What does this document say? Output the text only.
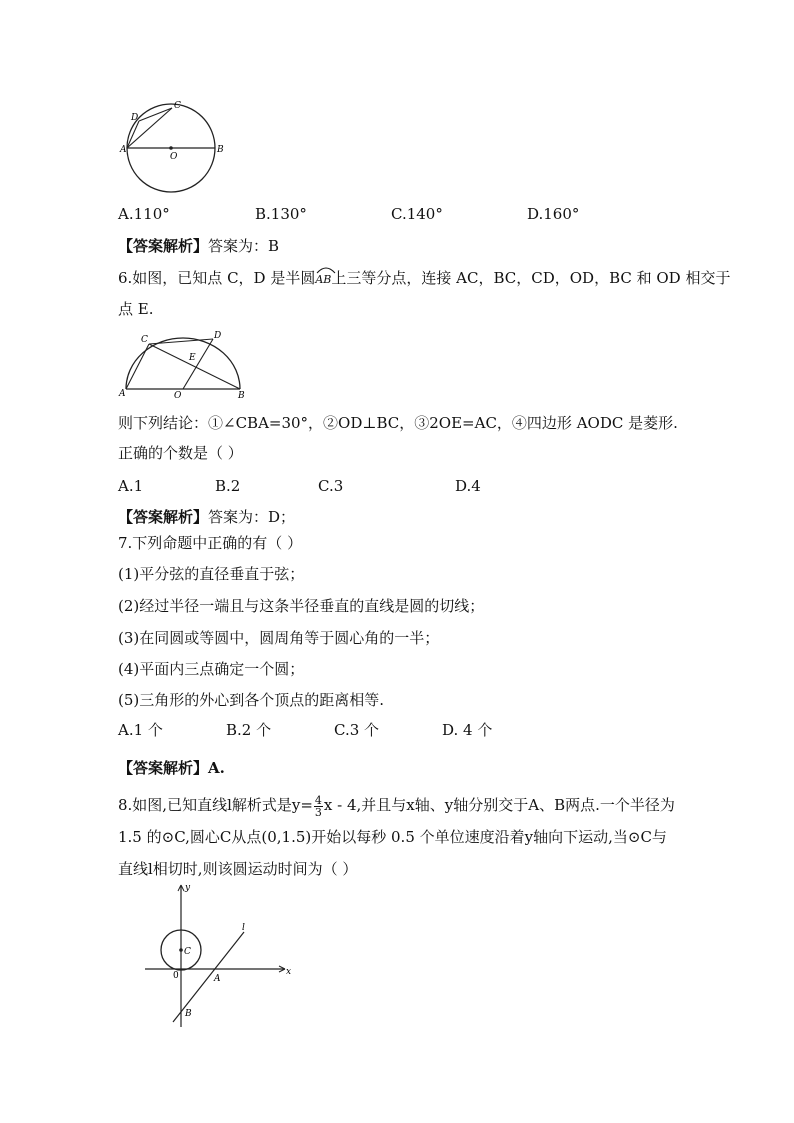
A	B
C
D
O
A.110°	B.130°	C.140°	D.160°
【答案解析】答案为：B
6.如图，已知点 C，D 是半圆
AB上三等分点，连接 AC，BC，CD，OD，BC 和 OD 相交于
点 E.
A	B
C	D
E
O
则下列结论：①∠CBA=30°，②OD⊥BC，③2OE=AC，④四边形 AODC 是菱形.
正确的个数是（ ）
A.1	B.2	C.3	D.4
【答案解析】答案为：D；
7.下列命题中正确的有（ ）
(1)平分弦的直径垂直于弦；
(2)经过半径一端且与这条半径垂直的直线是圆的切线；
(3)在同圆或等圆中，圆周角等于圆心角的一半；
(4)平面内三点确定一个圆；
(5)三角形的外心到各个顶点的距离相等.
A.1 个	B.2 个	C.3 个	D. 4 个
【答案解析】A.
8.如图,已知直线l解析式是$y= \frac{4}{3}$ x - 4,并且与x轴、y轴分别交于A、B两点.一个半径为
1.5 的⊙C,圆心C从点(0,1.5)开始以每秒 0.5 个单位速度沿着y轴向下运动,当⊙C与
直线l相切时,则该圆运动时间为（ ）
x
y
l
C
0	A
B
